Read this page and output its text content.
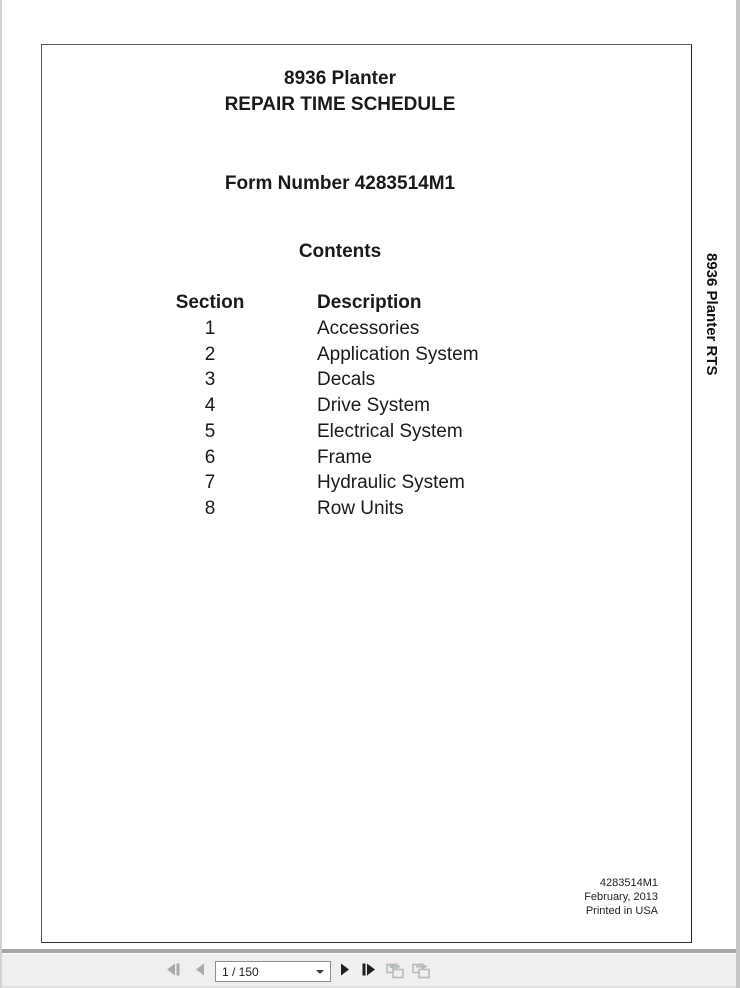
8936 Planter
REPAIR TIME SCHEDULE
Form Number 4283514M1
Contents
Section	Description
1	Accessories
2	Application System
3	Decals
4	Drive System
5	Electrical System
6	Frame
7	Hydraulic System
8	Row Units
4283514M1
February, 2013
Printed in USA
8936 Planter RTS
1 / 150
